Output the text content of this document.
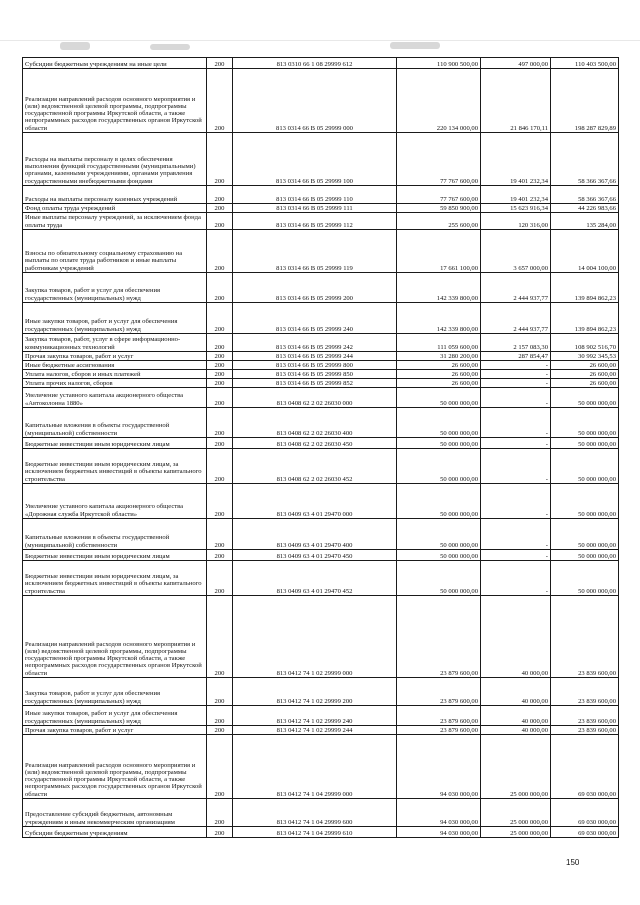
Субсидии бюджетным учреждениям на иные цели	200	813 0310 66 1 08 29999 612	110 900 500,00	497 000,00	110 403 500,00
Реализация направлений расходов основного мероприятия и (или) ведомственной целевой программы, подпрограммы государственной программы Иркутской области, а также непрограммных расходов государственных органов Иркутской области	200	813 0314 66 В 05 29999 000	220 134 000,00	21 846 170,11	198 287 829,89
Расходы на выплаты персоналу в целях обеспечения выполнения функций государственными (муниципальными) органами, казенными учреждениями, органами управления государственными внебюджетными фондами	200	813 0314 66 В 05 29999 100	77 767 600,00	19 401 232,34	58 366 367,66
Расходы на выплаты персоналу казенных учреждений	200	813 0314 66 В 05 29999 110	77 767 600,00	19 401 232,34	58 366 367,66
Фонд оплаты труда учреждений	200	813 0314 66 В 05 29999 111	59 850 900,00	15 623 916,34	44 226 983,66
Иные выплаты персоналу учреждений, за исключением фонда оплаты труда	200	813 0314 66 В 05 29999 112	255 600,00	120 316,00	135 284,00
Взносы по обязательному социальному страхованию на выплаты по оплате труда работников и иные выплаты работникам учреждений	200	813 0314 66 В 05 29999 119	17 661 100,00	3 657 000,00	14 004 100,00
Закупка товаров, работ и услуг для обеспечения государственных (муниципальных) нужд	200	813 0314 66 В 05 29999 200	142 339 800,00	2 444 937,77	139 894 862,23
Иные закупки товаров, работ и услуг для обеспечения государственных (муниципальных) нужд	200	813 0314 66 В 05 29999 240	142 339 800,00	2 444 937,77	139 894 862,23
Закупка товаров, работ, услуг в сфере информационно-коммуникационных технологий	200	813 0314 66 В 05 29999 242	111 059 600,00	2 157 083,30	108 902 516,70
Прочая закупка товаров, работ и услуг	200	813 0314 66 В 05 29999 244	31 280 200,00	287 854,47	30 992 345,53
Иные бюджетные ассигнования	200	813 0314 66 В 05 29999 800	26 600,00	-	26 600,00
Уплата налогов, сборов и иных платежей	200	813 0314 66 В 05 29999 850	26 600,00	-	26 600,00
Уплата прочих налогов, сборов	200	813 0314 66 В 05 29999 852	26 600,00	-	26 600,00
Увеличение уставного капитала акционерного общества «Автоколонна 1880»	200	813 0408 62 2 02 26030 000	50 000 000,00	-	50 000 000,00
Капитальные вложения в объекты государственной (муниципальной) собственности	200	813 0408 62 2 02 26030 400	50 000 000,00	-	50 000 000,00
Бюджетные инвестиции иным юридическим лицам	200	813 0408 62 2 02 26030 450	50 000 000,00	-	50 000 000,00
Бюджетные инвестиции иным юридическим лицам, за исключением бюджетных инвестиций в объекты капитального строительства	200	813 0408 62 2 02 26030 452	50 000 000,00	-	50 000 000,00
Увеличение уставного капитала акционерного общества «Дорожная служба Иркутской области»	200	813 0409 63 4 01 29470 000	50 000 000,00	-	50 000 000,00
Капитальные вложения в объекты государственной (муниципальной) собственности	200	813 0409 63 4 01 29470 400	50 000 000,00	-	50 000 000,00
Бюджетные инвестиции иным юридическим лицам	200	813 0409 63 4 01 29470 450	50 000 000,00	-	50 000 000,00
Бюджетные инвестиции иным юридическим лицам, за исключением бюджетных инвестиций в объекты капитального строительства	200	813 0409 63 4 01 29470 452	50 000 000,00	-	50 000 000,00
Реализация направлений расходов основного мероприятия и (или) ведомственной целевой программы, подпрограммы государственной программы Иркутской области, а также непрограммных расходов государственных органов Иркутской области	200	813 0412 74 1 02 29999 000	23 879 600,00	40 000,00	23 839 600,00
Закупка товаров, работ и услуг для обеспечения государственных (муниципальных) нужд	200	813 0412 74 1 02 29999 200	23 879 600,00	40 000,00	23 839 600,00
Иные закупки товаров, работ и услуг для обеспечения государственных (муниципальных) нужд	200	813 0412 74 1 02 29999 240	23 879 600,00	40 000,00	23 839 600,00
Прочая закупка товаров, работ и услуг	200	813 0412 74 1 02 29999 244	23 879 600,00	40 000,00	23 839 600,00
Реализация направлений расходов основного мероприятия и (или) ведомственной целевой программы, подпрограммы государственной программы Иркутской области, а также непрограммных расходов государственных органов Иркутской области	200	813 0412 74 1 04 29999 000	94 030 000,00	25 000 000,00	69 030 000,00
Предоставление субсидий бюджетным, автономным учреждениям и иным некоммерческим организациям	200	813 0412 74 1 04 29999 600	94 030 000,00	25 000 000,00	69 030 000,00
Субсидии бюджетным учреждениям	200	813 0412 74 1 04 29999 610	94 030 000,00	25 000 000,00	69 030 000,00
150
